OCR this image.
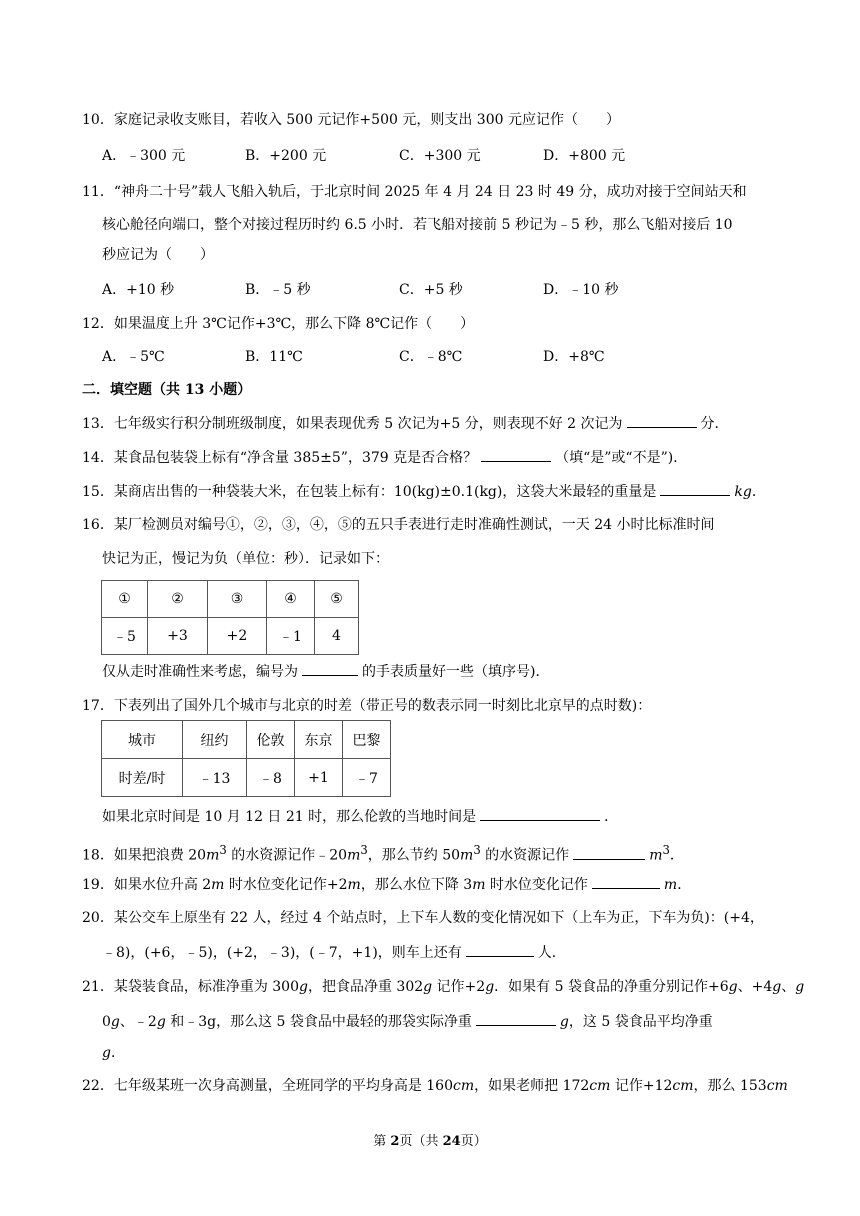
10．家庭记录收支账目，若收入 500 元记作+500 元，则支出 300 元应记作（　　）
A．﹣300 元	B．+200 元	C．+300 元	D．+800 元
11．“神舟二十号”载人飞船入轨后，于北京时间 2025 年 4 月 24 日 23 时 49 分，成功对接于空间站天和
核心舱径向端口，整个对接过程历时约 6.5 小时．若飞船对接前 5 秒记为﹣5 秒，那么飞船对接后 10
秒应记为（　　）
A．+10 秒	B．﹣5 秒	C．+5 秒	D．﹣10 秒
12．如果温度上升 3℃记作+3℃，那么下降 8℃记作（　　）
A．﹣5℃	B．11℃	C．﹣8℃	D．+8℃
二．填空题（共 13 小题）
13．七年级实行积分制班级制度，如果表现优秀 5 次记为+5 分，则表现不好 2 次记为	分．
14．某食品包装袋上标有“净含量 385±5”，379 克是否合格？	（填“是”或“不是”)．
15．某商店出售的一种袋装大米，在包装上标有：10(kg)±0.1(kg)，这袋大米最轻的重量是	kg．
16．某厂检测员对编号①，②，③，④，⑤的五只手表进行走时准确性测试，一天 24 小时比标准时间
快记为正，慢记为负（单位：秒）．记录如下：
①	②	③	④	⑤
﹣5	+3	+2	﹣1	4
仅从走时准确性来考虑，编号为	的手表质量好一些（填序号)．
17．下表列出了国外几个城市与北京的时差（带正号的数表示同一时刻比北京早的点时数)：
城市	纽约	伦敦	东京	巴黎
时差/时	﹣13	﹣8	+1	﹣7
如果北京时间是 10 月 12 日 21 时，那么伦敦的当地时间是	．
18．如果把浪费 $20m^3$ 的水资源记作$﹣20m^3$，那么节约 $50m^3$ 的水资源记作	$m^3$．
19．如果水位升高 2m 时水位变化记作+2m，那么水位下降 3m 时水位变化记作	m．
20．某公交车上原坐有 22 人，经过 4 个站点时，上下车人数的变化情况如下（上车为正，下车为负)：(+4，
﹣8)，(+6，﹣5)，(+2，﹣3)，(﹣7，+1)，则车上还有	人．
21．某袋装食品，标准净重为 300g，把食品净重 302g 记作+2g．如果有 5 袋食品的净重分别记作+6g、+4g、g
0g、﹣2g 和﹣3g，那么这 5 袋食品中最轻的那袋实际净重	g，这 5 袋食品平均净重
g．
22．七年级某班一次身高测量，全班同学的平均身高是 160cm，如果老师把 172cm 记作+12cm，那么 153cm
第 2页（共 24页）
